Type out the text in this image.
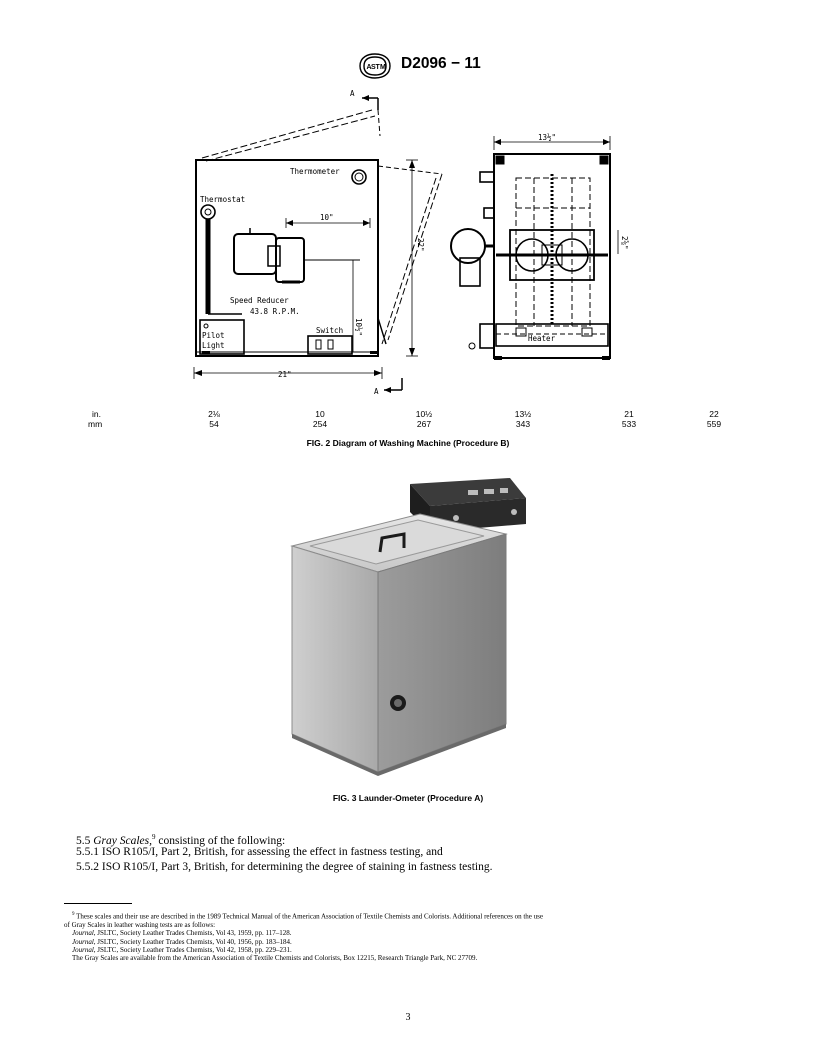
A S T M D2096 − 11
A
A
Thermometer
Thermostat
10"
Speed Reducer
43.8 R.P.M.
Switch
Pilot
Light
21"
22"
10½"
13½"
Heater
2⅝"
in.	2⅛	10	10½	13½	21	22
mm	54	254	267	343	533	559
FIG. 2 Diagram of Washing Machine (Procedure B)
FIG. 3 Launder-Ometer (Procedure A)
5.5 Gray Scales,$^9$ consisting of the following:
5.5.1 ISO R105/I, Part 2, British, for assessing the effect in fastness testing, and
5.5.2 ISO R105/I, Part 3, British, for determining the degree of staining in fastness testing.
$^9$ These scales and their use are described in the 1989 Technical Manual of the American Association of Textile Chemists and Colorists. Additional references on the use
of Gray Scales in leather washing tests are as follows:
Journal, JSLTC, Society Leather Trades Chemists, Vol 43, 1959, pp. 117–128.
Journal, JSLTC, Society Leather Trades Chemists, Vol 40, 1956, pp. 183–184.
Journal, JSLTC, Society Leather Trades Chemists, Vol 42, 1958, pp. 229–231.
The Gray Scales are available from the American Association of Textile Chemists and Colorists, Box 12215, Research Triangle Park, NC 27709.
3
